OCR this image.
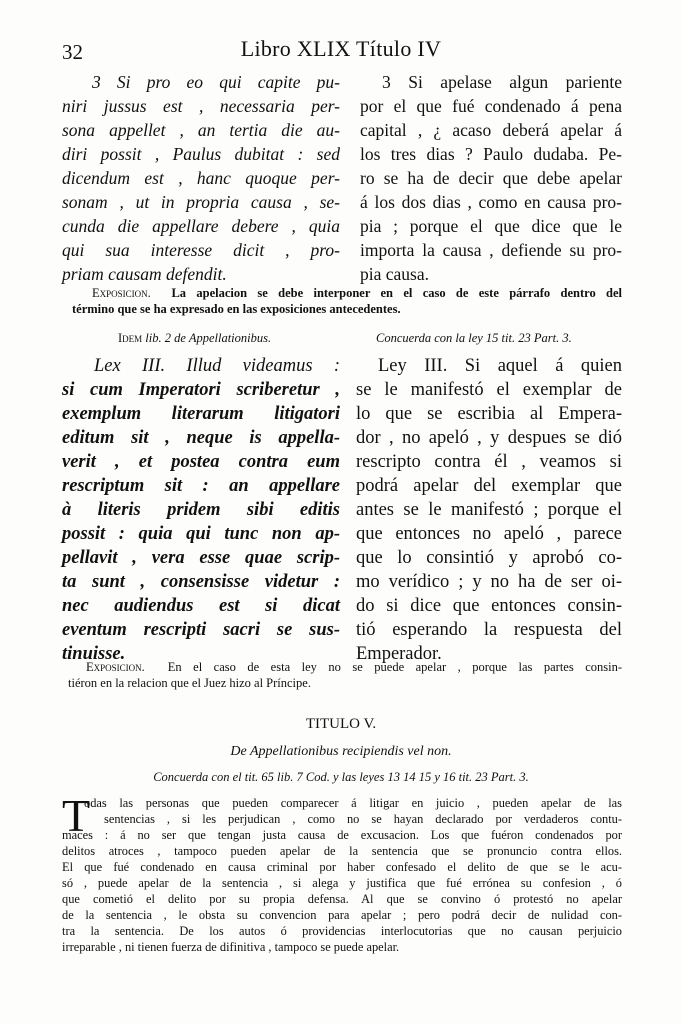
32	Libro XLIX Título IV
3 Si pro eo qui capite pu-
niri jussus est , necessaria per-
sona appellet , an tertia die au-
diri possit , Paulus dubitat : sed
dicendum est , hanc quoque per-
sonam , ut in propria causa , se-
cunda die appellare debere , quia
qui sua interesse dicit , pro-
priam causam defendit.
3 Si apelase algun pariente
por el que fué condenado á pena
capital , ¿ acaso deberá apelar á
los tres dias ? Paulo dudaba. Pe-
ro se ha de decir que debe apelar
á los dos dias , como en causa pro-
pia ; porque el que dice que le
importa la causa , defiende su pro-
pia causa.
Exposicion. La apelacion se debe interponer en el caso de este párrafo dentro del
término que se ha expresado en las exposiciones antecedentes.
Idem lib. 2 de Appellationibus.	Concuerda con la ley 15 tit. 23 Part. 3.
si cum Imperatori scriberetur ,
exemplum literarum litigatori
editum sit , neque is appella-
verit , et postea contra eum
rescriptum sit : an appellare
à literis pridem sibi editis
possit : quia qui tunc non ap-
pellavit , vera esse quae scrip-
ta sunt , consensisse videtur :
nec audiendus est si dicat
eventum rescripti sacri se sus-
tinuisse.
Lex III. Illud videamus : Ley III. Si aquel á quien
se le manifestó el exemplar de
lo que se escribia al Empera-
dor , no apeló , y despues se dió
rescripto contra él , veamos si
podrá apelar del exemplar que
antes se le manifestó ; porque el
que entonces no apeló , parece
que lo consintió y aprobó co-
mo verídico ; y no ha de ser oi-
do si dice que entonces consin-
tió esperando la respuesta del
Emperador.
Exposicion. En el caso de esta ley no se puede apelar , porque las partes consin-
tiéron en la relacion que el Juez hizo al Príncipe.
TITULO V.
De Appellationibus recipiendis vel non.
Concuerda con el tit. 65 lib. 7 Cod. y las leyes 13 14 15 y 16 tit. 23 Part. 3.
T
odas las personas que pueden comparecer á litigar en juicio , pueden apelar de las
sentencias , si les perjudican , como no se hayan declarado por verdaderos contu-
maces : á no ser que tengan justa causa de excusacion. Los que fuéron condenados por
delitos atroces , tampoco pueden apelar de la sentencia que se pronuncio contra ellos.
El que fué condenado en causa criminal por haber confesado el delito de que se le acu-
só , puede apelar de la sentencia , si alega y justifica que fué errónea su confesion , ó
que cometió el delito por su propia defensa. Al que se convino ó protestó no apelar
de la sentencia , le obsta su convencion para apelar ; pero podrá decir de nulidad con-
tra la sentencia. De los autos ó providencias interlocutorias que no causan perjuicio
irreparable , ni tienen fuerza de difinitiva , tampoco se puede apelar.
